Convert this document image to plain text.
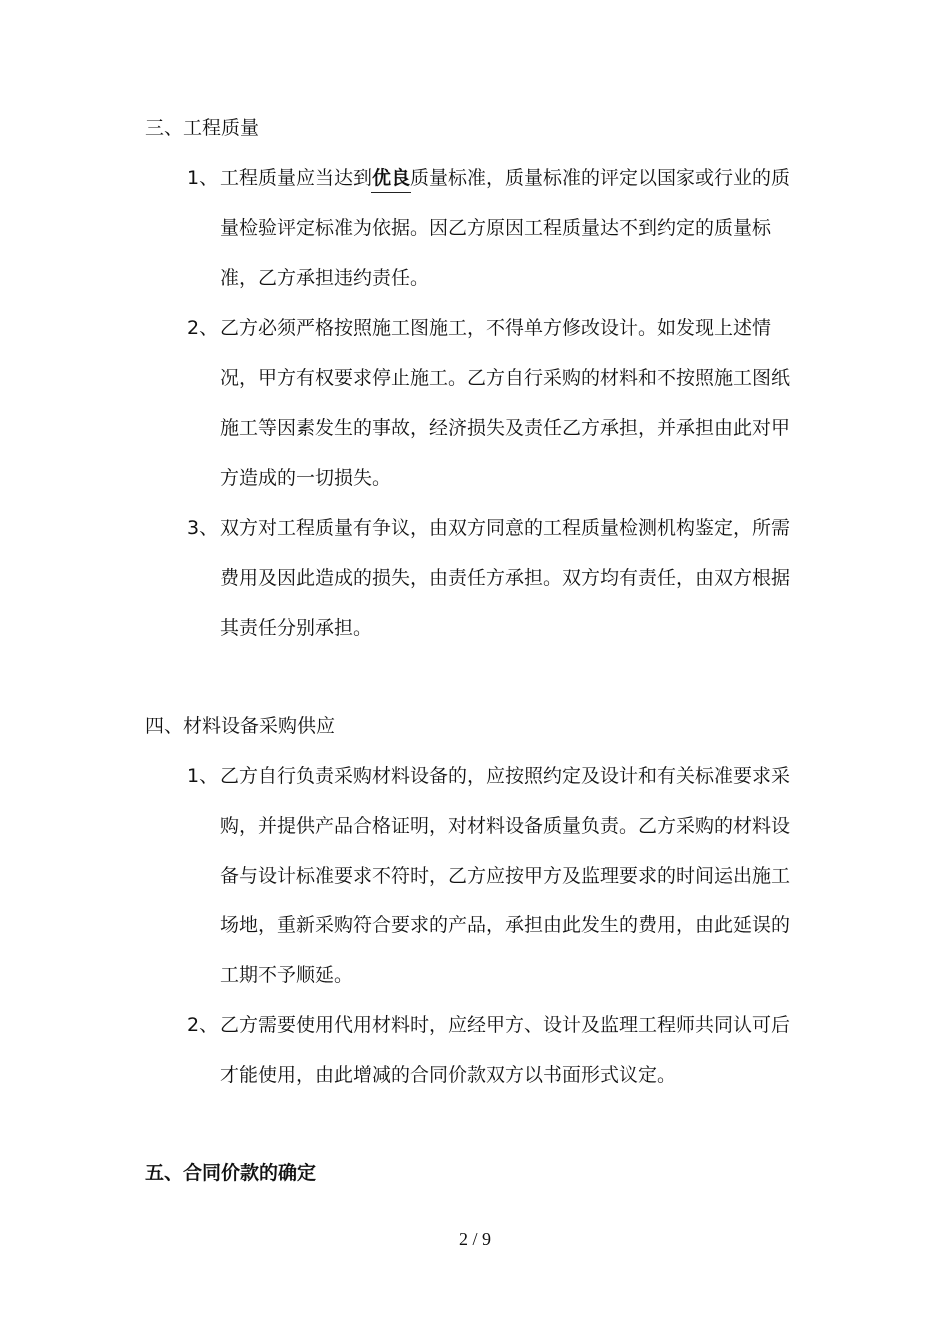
三、工程质量
1、 工程质量应当达到优良质量标准，质量标准的评定以国家或行业的质
量检验评定标准为依据。因乙方原因工程质量达不到约定的质量标
准，乙方承担违约责任。
2、 乙方必须严格按照施工图施工，不得单方修改设计。如发现上述情
况，甲方有权要求停止施工。乙方自行采购的材料和不按照施工图纸
施工等因素发生的事故，经济损失及责任乙方承担，并承担由此对甲
方造成的一切损失。
3、 双方对工程质量有争议，由双方同意的工程质量检测机构鉴定，所需
费用及因此造成的损失，由责任方承担。双方均有责任，由双方根据
其责任分别承担。
四、材料设备采购供应
1、 乙方自行负责采购材料设备的，应按照约定及设计和有关标准要求采
购，并提供产品合格证明，对材料设备质量负责。乙方采购的材料设
备与设计标准要求不符时，乙方应按甲方及监理要求的时间运出施工
场地，重新采购符合要求的产品，承担由此发生的费用，由此延误的
工期不予顺延。
2、 乙方需要使用代用材料时，应经甲方、设计及监理工程师共同认可后
才能使用，由此增减的合同价款双方以书面形式议定。
五、合同价款的确定
2 / 9
